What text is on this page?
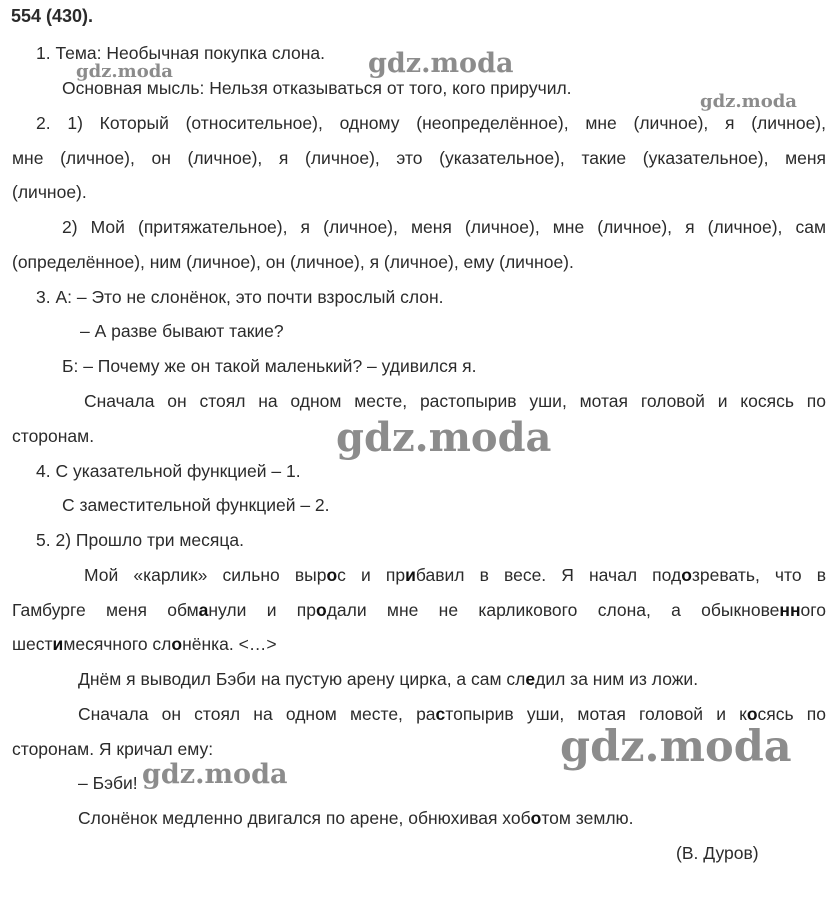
554 (430).
1. Тема: Необычная покупка слона.
Основная мысль: Нельзя отказываться от того, кого приручил.
2. 1) Который (относительное), одному (неопределённое), мне (личное), я (личное),
мне (личное), он (личное), я (личное), это (указательное), такие (указательное), меня
(личное).
2) Мой (притяжательное), я (личное), меня (личное), мне (личное), я (личное), сам
(определённое), ним (личное), он (личное), я (личное), ему (личное).
3. А: – Это не слонёнок, это почти взрослый слон.
– А разве бывают такие?
Б: – Почему же он такой маленький? – удивился я.
Сначала он стоял на одном месте, растопырив уши, мотая головой и косясь по
сторонам.
4. С указательной функцией – 1.
С заместительной функцией – 2.
5. 2) Прошло три месяца.
Мой «карлик» сильно вырос и прибавил в весе. Я начал подозревать, что в
Гамбурге меня обманули и продали мне не карликового слона, а обыкновенного
шестимесячного слонёнка. <…>
Днём я выводил Бэби на пустую арену цирка, а сам следил за ним из ложи.
Сначала он стоял на одном месте, растопырив уши, мотая головой и косясь по
сторонам. Я кричал ему:
– Бэби!
Слонёнок медленно двигался по арене, обнюхивая хоботом землю.
(В. Дуров)
gdz.moda	gdz.moda
gdz.moda
gdz.moda
gdz.moda
gdz.moda
